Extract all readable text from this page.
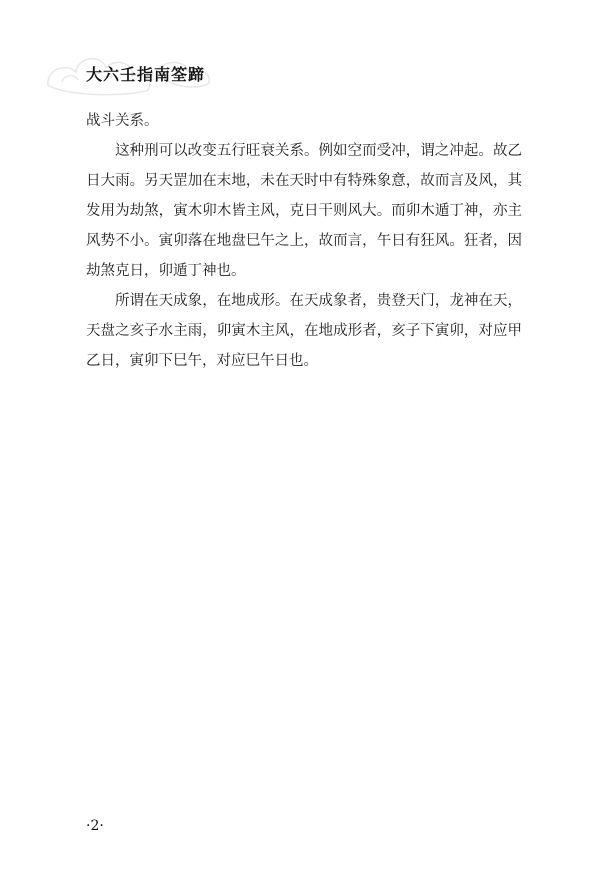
大六壬指南筌蹄

战斗关系。

这种刑可以改变五行旺衰关系。例如空而受冲，谓之冲起。故乙日大雨。另天罡加在末地，未在天时中有特殊象意，故而言及风，其发用为劫煞，寅木卯木皆主风，克日干则风大。而卯木遁丁神，亦主风势不小。寅卯落在地盘巳午之上，故而言，午日有狂风。狂者，因劫煞克日，卯遁丁神也。

所谓在天成象，在地成形。在天成象者，贵登天门，龙神在天，天盘之亥子水主雨，卯寅木主风，在地成形者，亥子下寅卯，对应甲乙日，寅卯下巳午，对应巳午日也。

·2·
